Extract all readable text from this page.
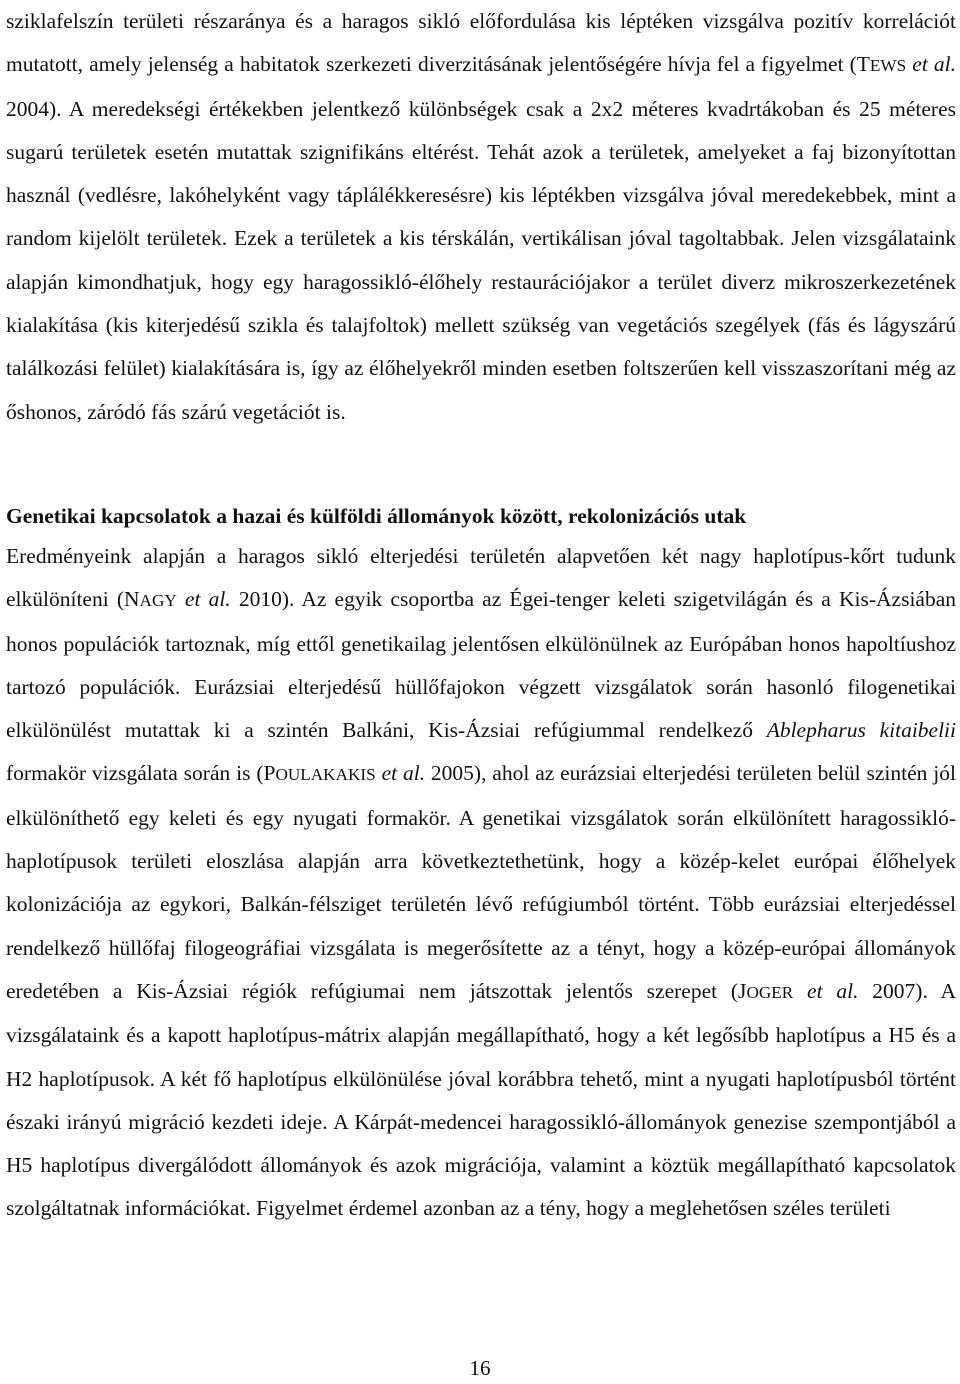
sziklafelszín területi részaránya és a haragos sikló előfordulása kis léptéken vizsgálva pozitív korrelációt mutatott, amely jelenség a habitatok szerkezeti diverzitásának jelentőségére hívja fel a figyelmet (TEWS et al. 2004). A meredekségi értékekben jelentkező különbségek csak a 2x2 méteres kvadrtákoban és 25 méteres sugarú területek esetén mutattak szignifikáns eltérést. Tehát azok a területek, amelyeket a faj bizonyítottan használ (vedlésre, lakóhelyként vagy táplálékkeresésre) kis léptékben vizsgálva jóval meredekebbek, mint a random kijelölt területek. Ezek a területek a kis térskálán, vertikálisan jóval tagoltabbak. Jelen vizsgálataink alapján kimondhatjuk, hogy egy haragossikló-élőhely restaurációjakor a terület diverz mikroszerkezetének kialakítása (kis kiterjedésű szikla és talajfoltok) mellett szükség van vegetációs szegélyek (fás és lágyszárú találkozási felület) kialakítására is, így az élőhelyekről minden esetben foltszerűen kell visszaszorítani még az őshonos, záródó fás szárú vegetációt is.

Genetikai kapcsolatok a hazai és külföldi állományok között, rekolonizációs utak

Eredményeink alapján a haragos sikló elterjedési területén alapvetően két nagy haplotípus-kőrt tudunk elkülöníteni (NAGY et al. 2010). Az egyik csoportba az Égei-tenger keleti szigetvilágán és a Kis-Ázsiában honos populációk tartoznak, míg ettől genetikailag jelentősen elkülönülnek az Európában honos hapoltíushoz tartozó populációk. Eurázsiai elterjedésű hüllőfajokon végzett vizsgálatok során hasonló filogenetikai elkülönülést mutattak ki a szintén Balkáni, Kis-Ázsiai refúgiummal rendelkező Ablepharus kitaibelii formakör vizsgálata során is (POULAKAKIS et al. 2005), ahol az eurázsiai elterjedési területen belül szintén jól elkülöníthető egy keleti és egy nyugati formakör. A genetikai vizsgálatok során elkülönített haragossikló-haplotípusok területi eloszlása alapján arra következtethetünk, hogy a közép-kelet európai élőhelyek kolonizációja az egykori, Balkán-félsziget területén lévő refúgiumból történt. Több eurázsiai elterjedéssel rendelkező hüllőfaj filogeográfiai vizsgálata is megerősítette az a tényt, hogy a közép-európai állományok eredetében a Kis-Ázsiai régiók refúgiumai nem játszottak jelentős szerepet (JOGER et al. 2007). A vizsgálataink és a kapott haplotípus-mátrix alapján megállapítható, hogy a két legősíbb haplotípus a H5 és a H2 haplotípusok. A két fő haplotípus elkülönülése jóval korábbra tehető, mint a nyugati haplotípusból történt északi irányú migráció kezdeti ideje. A Kárpát-medencei haragossikló-állományok genezise szempontjából a H5 haplotípus divergálódott állományok és azok migrációja, valamint a köztük megállapítható kapcsolatok szolgáltatnak információkat. Figyelmet érdemel azonban az a tény, hogy a meglehetősen széles területi

16
